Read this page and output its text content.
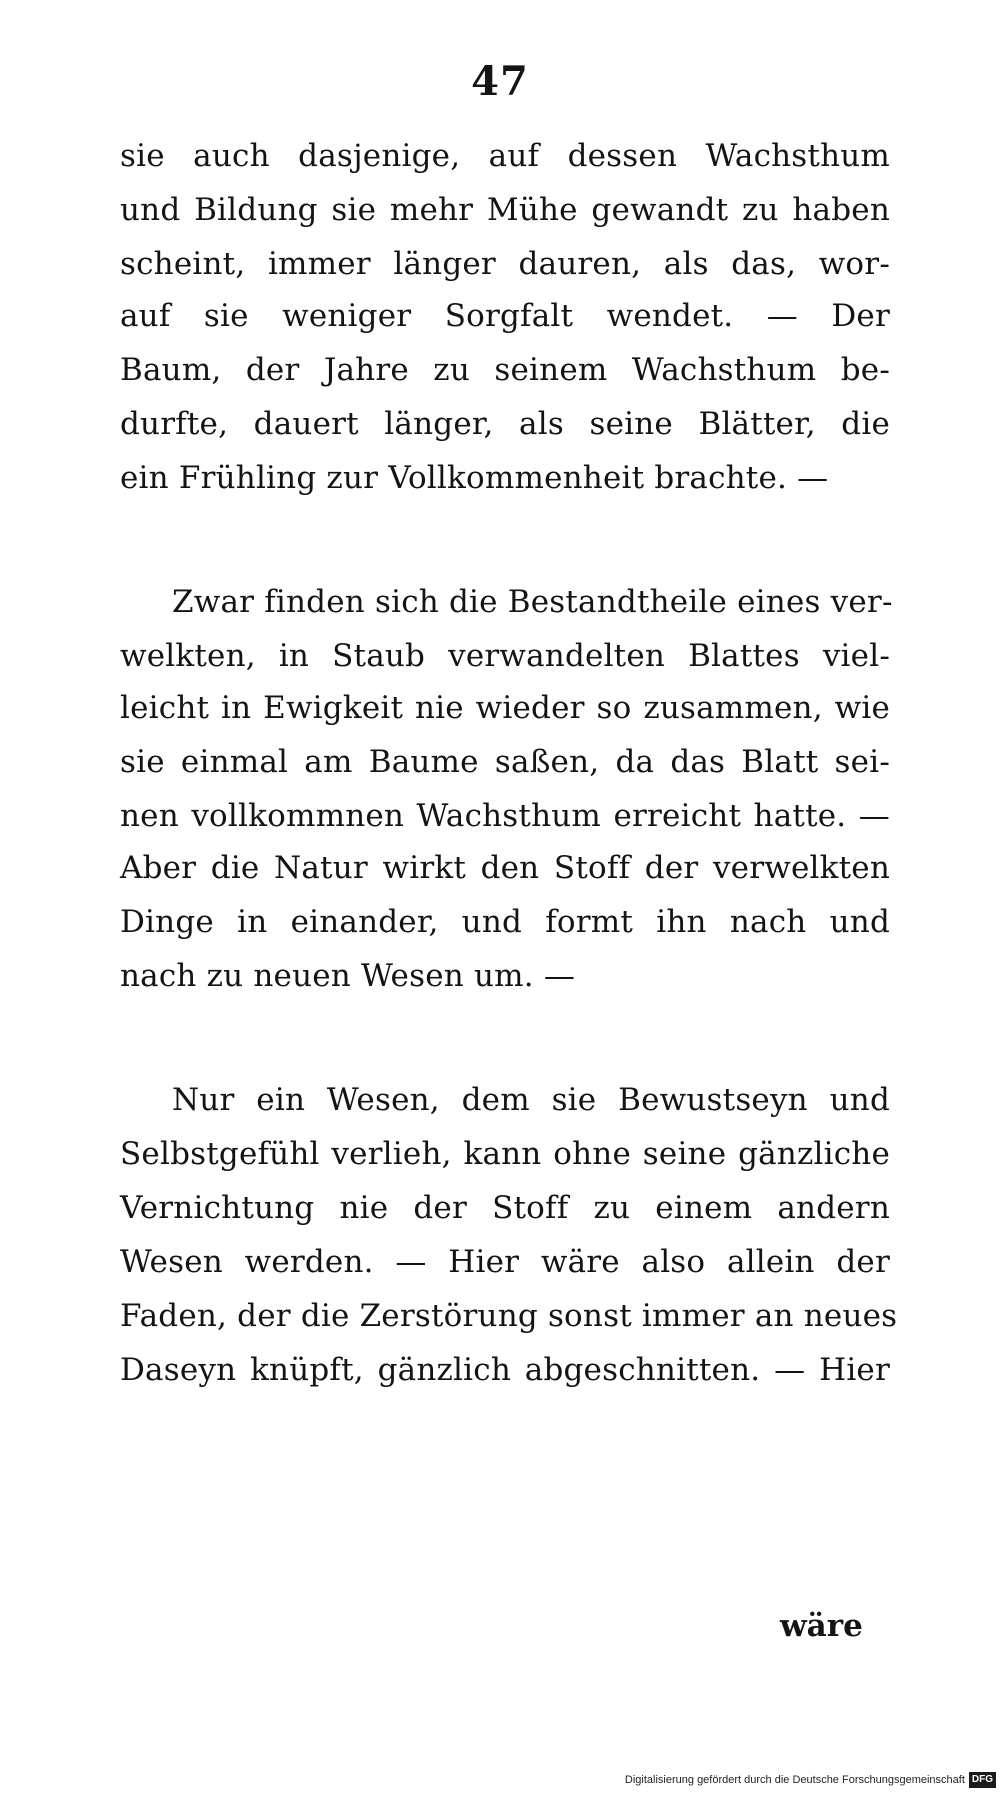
47
sie auch dasjenige, auf dessen Wachsthum
und Bildung sie mehr Mühe gewandt zu haben
scheint, immer länger dauren, als das, wor-
auf sie weniger Sorgfalt wendet. — Der
Baum, der Jahre zu seinem Wachsthum be-
durfte, dauert länger, als seine Blätter, die
ein Frühling zur Vollkommenheit brachte. —
Zwar finden sich die Bestandtheile eines ver-
welkten, in Staub verwandelten Blattes viel-
leicht in Ewigkeit nie wieder so zusammen, wie
sie einmal am Baume saßen, da das Blatt sei-
nen vollkommnen Wachsthum erreicht hatte. —
Aber die Natur wirkt den Stoff der verwelkten
Dinge in einander, und formt ihn nach und
nach zu neuen Wesen um. —
Nur ein Wesen, dem sie Bewustseyn und
Selbstgefühl verlieh, kann ohne seine gänzliche
Vernichtung nie der Stoff zu einem andern
Wesen werden. — Hier wäre also allein der
Faden, der die Zerstörung sonst immer an neues
Daseyn knüpft, gänzlich abgeschnitten. — Hier
wäre
Digitalisierung gefördert durch die Deutsche Forschungsgemeinschaft DFG
